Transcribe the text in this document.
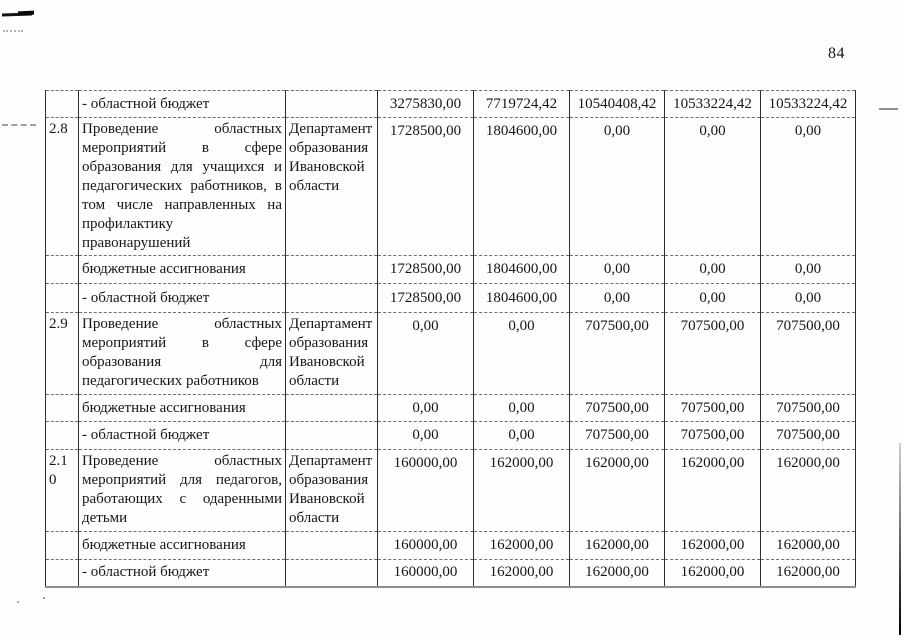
84
	- областной бюджет		3275830,00	7719724,42	10540408,42	10533224,42	10533224,42
2.8	Проведение областных мероприятий в сфере образования для учащихся и педагогических работников, в том числе направленных на профилактику правонарушений	Департамент образования Ивановской области	1728500,00	1804600,00	0,00	0,00	0,00
	бюджетные ассигнования		1728500,00	1804600,00	0,00	0,00	0,00
	- областной бюджет		1728500,00	1804600,00	0,00	0,00	0,00
2.9	Проведение областных мероприятий в сфере образования для педагогических работников	Департамент образования Ивановской области	0,00	0,00	707500,00	707500,00	707500,00
	бюджетные ассигнования		0,00	0,00	707500,00	707500,00	707500,00
	- областной бюджет		0,00	0,00	707500,00	707500,00	707500,00
2.10	Проведение областных мероприятий для педагогов, работающих с одаренными детьми	Департамент образования Ивановской области	160000,00	162000,00	162000,00	162000,00	162000,00
	бюджетные ассигнования		160000,00	162000,00	162000,00	162000,00	162000,00
	- областной бюджет		160000,00	162000,00	162000,00	162000,00	162000,00
